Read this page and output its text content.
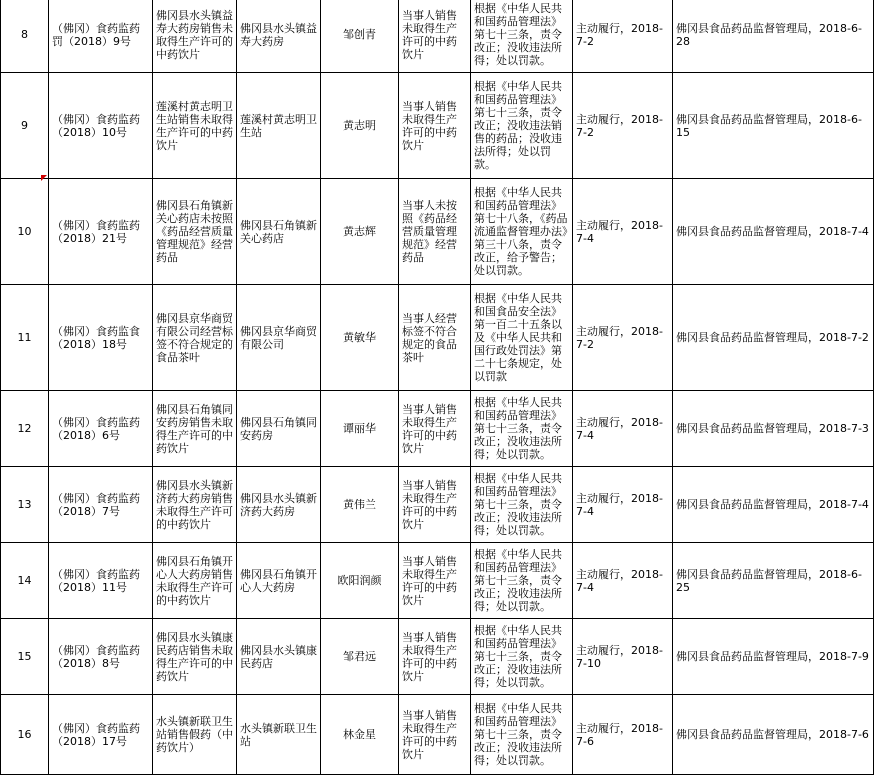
8	（佛冈）食药监药罚（2018）9号	佛冈县水头镇益寿大药房销售未取得生产许可的中药饮片	佛冈县水头镇益寿大药房	邹创青	当事人销售未取得生产许可的中药饮片	根据《中华人民共和国药品管理法》第七十三条，责令改正；没收违法所得；处以罚款。	主动履行，2018-7-2	佛冈县食品药品监督管理局，2018-6-28
9	（佛冈）食药监药（2018）10号	莲溪村黄志明卫生站销售未取得生产许可的中药饮片	莲溪村黄志明卫生站	黄志明	当事人销售未取得生产许可的中药饮片	根据《中华人民共和国药品管理法》第七十三条，责令改正；没收违法销售的药品；没收违法所得；处以罚款。	主动履行，2018-7-2	佛冈县食品药品监督管理局，2018-6-15
10	（佛冈）食药监药（2018）21号	佛冈县石角镇新关心药店未按照《药品经营质量管理规范》经营药品	佛冈县石角镇新关心药店	黄志辉	当事人未按照《药品经营质量管理规范》经营药品	根据《中华人民共和国药品管理法》第七十八条，《药品流通监督管理办法》第三十八条，责令改正，给予警告；处以罚款。	主动履行，2018-7-4	佛冈县食品药品监督管理局，2018-7-4
11	（佛冈）食药监食（2018）18号	佛冈县京华商贸有限公司经营标签不符合规定的食品茶叶	佛冈县京华商贸有限公司	黄敏华	当事人经营标签不符合规定的食品茶叶	根据《中华人民共和国食品安全法》第一百二十五条以及《中华人民共和国行政处罚法》第二十七条规定，处以罚款	主动履行，2018-7-2	佛冈县食品药品监督管理局，2018-7-2
12	（佛冈）食药监药（2018）6号	佛冈县石角镇同安药房销售未取得生产许可的中药饮片	佛冈县石角镇同安药房	谭丽华	当事人销售未取得生产许可的中药饮片	根据《中华人民共和国药品管理法》第七十三条，责令改正；没收违法所得；处以罚款。	主动履行，2018-7-4	佛冈县食品药品监督管理局，2018-7-3
13	（佛冈）食药监药（2018）7号	佛冈县水头镇新济药大药房销售未取得生产许可的中药饮片	佛冈县水头镇新济药大药房	黄伟兰	当事人销售未取得生产许可的中药饮片	根据《中华人民共和国药品管理法》第七十三条，责令改正；没收违法所得；处以罚款。	主动履行，2018-7-4	佛冈县食品药品监督管理局，2018-7-4
14	（佛冈）食药监药（2018）11号	佛冈县石角镇开心人大药房销售未取得生产许可的中药饮片	佛冈县石角镇开心人大药房	欧阳润颜	当事人销售未取得生产许可的中药饮片	根据《中华人民共和国药品管理法》第七十三条，责令改正；没收违法所得；处以罚款。	主动履行，2018-7-4	佛冈县食品药品监督管理局，2018-6-25
15	（佛冈）食药监药（2018）8号	佛冈县水头镇康民药店销售未取得生产许可的中药饮片	佛冈县水头镇康民药店	邹君远	当事人销售未取得生产许可的中药饮片	根据《中华人民共和国药品管理法》第七十三条，责令改正；没收违法所得；处以罚款。	主动履行，2018-7-10	佛冈县食品药品监督管理局，2018-7-9
16	（佛冈）食药监药（2018）17号	水头镇新联卫生站销售假药（中药饮片）	水头镇新联卫生站	林金星	当事人销售未取得生产许可的中药饮片	根据《中华人民共和国药品管理法》第七十三条，责令改正；没收违法所得；处以罚款。	主动履行，2018-7-6	佛冈县食品药品监督管理局，2018-7-6
